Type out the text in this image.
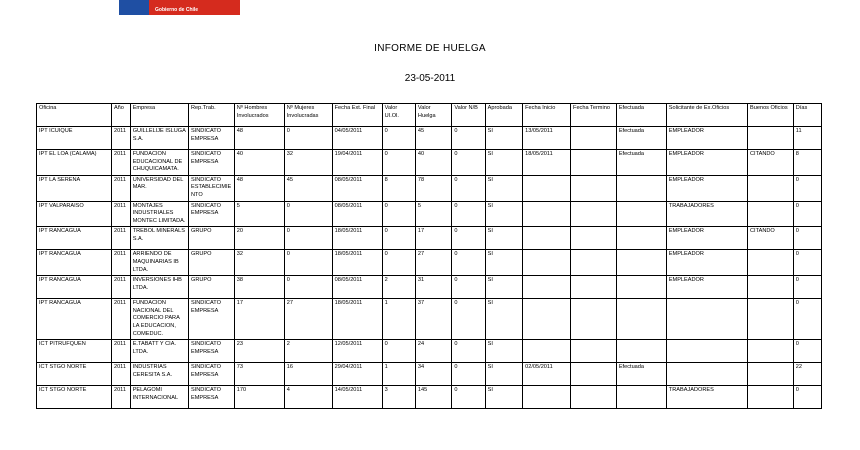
Gobierno de Chile
INFORME DE HUELGA
23-05-2011
Oficina	Año	Empresa	Rep.Trab.	Nº Hombres Involucrados	Nº Mujeres Involucradas	Fecha Ext. Final	Valor UI.Ol.	Valor Huelga	Valor N/B	Aprobada	Fecha Inicio	Fecha Termino	Efectuada	Solicitante de Ex.Oficios	Buenos Oficios	Días
IPT ICUIQUE	2011	GUILLELIJE ISLUGA S.A.	SINDICATO EMPRESA	48	0	04/05/2011	0	45	0	SI	13/05/2011		Efectuada	EMPLEADOR		11
IPT EL LOA (CALAMA)	2011	FUNDACION EDUCACIONAL DE CHUQUICAMATA.	SINDICATO EMPRESA	40	32	19/04/2011	0	40	0	SI	18/05/2011		Efectuada	EMPLEADOR	CITANDO	8
IPT LA SERENA	2011	UNIVERSIDAD DEL MAR.	SINDICATO ESTABLECIMIENTO	48	45	08/05/2011	8	78	0	SI				EMPLEADOR		0
IPT VALPARAISO	2011	MONTAJES INDUSTRIALES MONTEC LIMITADA.	SINDICATO EMPRESA	5	0	08/05/2011	0	5	0	SI				TRABAJADORES		0
IPT RANCAGUA	2011	TREBOL MINERALS S.A.	GRUPO	20	0	18/05/2011	0	17	0	SI				EMPLEADOR	CITANDO	0
IPT RANCAGUA	2011	ARRIENDO DE MAQUINARIAS IB LTDA.	GRUPO	32	0	18/05/2011	0	27	0	SI				EMPLEADOR		0
IPT RANCAGUA	2011	INVERSIONES IHB LTDA.	GRUPO	38	0	08/05/2011	2	31	0	SI				EMPLEADOR		0
IPT RANCAGUA	2011	FUNDACION NACIONAL DEL COMERCIO PARA LA EDUCACION, COMEDUC.	SINDICATO EMPRESA	17	27	18/05/2011	1	37	0	SI						0
ICT PITRUFQUEN	2011	E.TABATT Y CIA. LTDA.	SINDICATO EMPRESA	23	2	12/05/2011	0	24	0	SI						0
ICT STGO NORTE	2011	INDUSTRIAS CERESITA S.A.	SINDICATO EMPRESA	73	16	29/04/2011	1	34	0	SI	02/05/2011		Efectuada			22
ICT STGO NORTE	2011	PELAGOMI INTERNACIONAL	SINDICATO EMPRESA	170	4	14/05/2011	3	145	0	SI				TRABAJADORES		0
